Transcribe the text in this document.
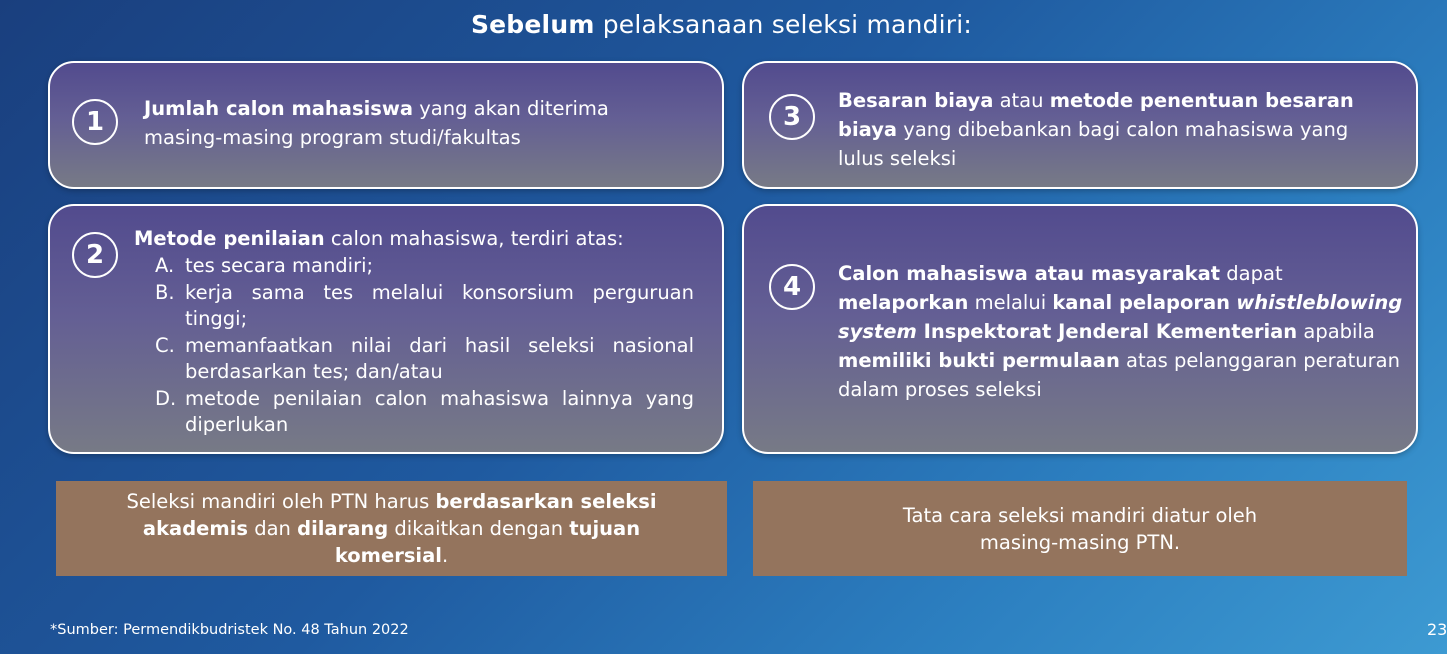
Sebelum pelaksanaan seleksi mandiri:
1	Jumlah calon mahasiswa yang akan diterima masing-masing program studi/fakultas
3
Besaran biaya atau metode penentuan besaran biaya yang dibebankan bagi calon mahasiswa yang lulus seleksi
2
Metode penilaian calon mahasiswa, terdiri atas:
A. tes secara mandiri;
B. kerja sama tes melalui konsorsium perguruan tinggi;
C. memanfaatkan nilai dari hasil seleksi nasional berdasarkan tes; dan/atau
D. metode penilaian calon mahasiswa lainnya yang diperlukan
4	Calon mahasiswa atau masyarakat dapat melaporkan melalui kanal pelaporan whistleblowing system Inspektorat Jenderal Kementerian apabila memiliki bukti permulaan atas pelanggaran peraturan dalam proses seleksi
Seleksi mandiri oleh PTN harus berdasarkan seleksi akademis dan dilarang dikaitkan dengan tujuan komersial.
Tata cara seleksi mandiri diatur oleh masing-masing PTN.
*Sumber: Permendikbudristek No. 48 Tahun 2022	23
